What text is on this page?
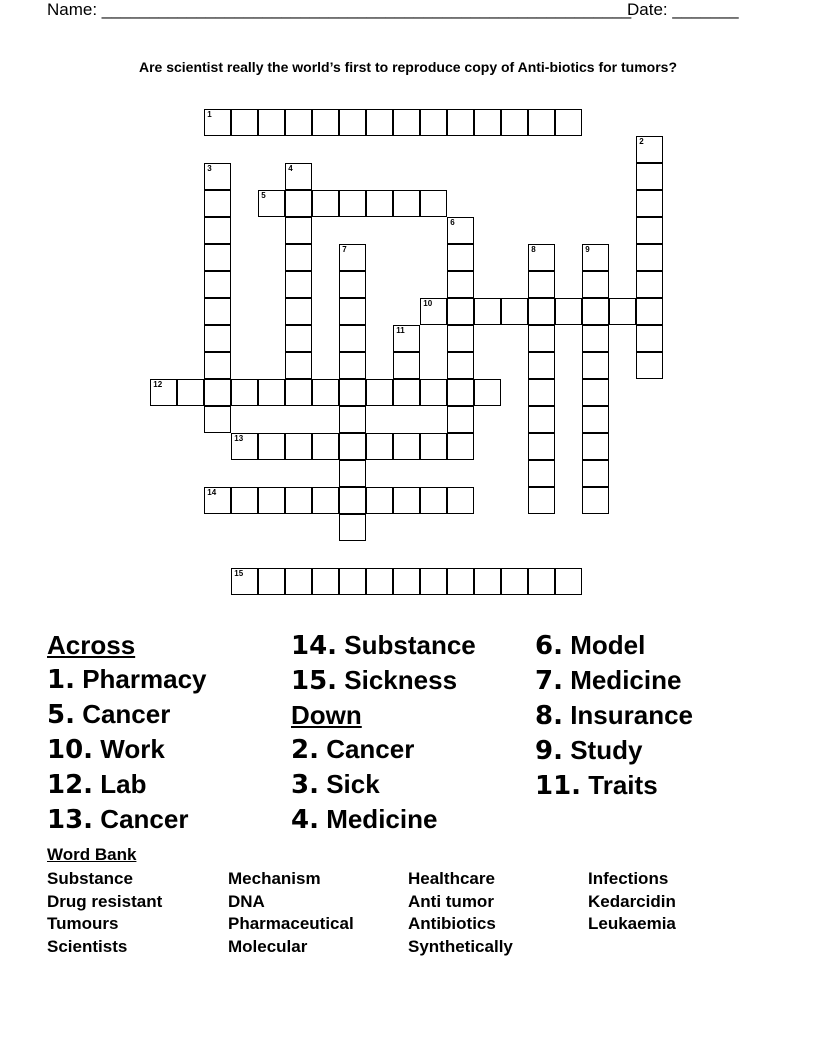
Name: ________________________________________________________
Date: _______
Are scientist really the world’s first to reproduce copy of Anti-biotics for tumors?
1
2
3	4
5
6
7	8	9
10
11
12
13
14
15
Across
1. Pharmacy
5. Cancer
10. Work
12. Lab
13. Cancer
14. Substance
15. Sickness
Down
2. Cancer
3. Sick
4. Medicine
6. Model
7. Medicine
8. Insurance
9. Study
11. Traits
Word Bank
Substance
Drug resistant
Tumours
Scientists
Mechanism
DNA
Pharmaceutical
Molecular
Healthcare
Anti tumor
Antibiotics
Synthetically
Infections
Kedarcidin
Leukaemia
